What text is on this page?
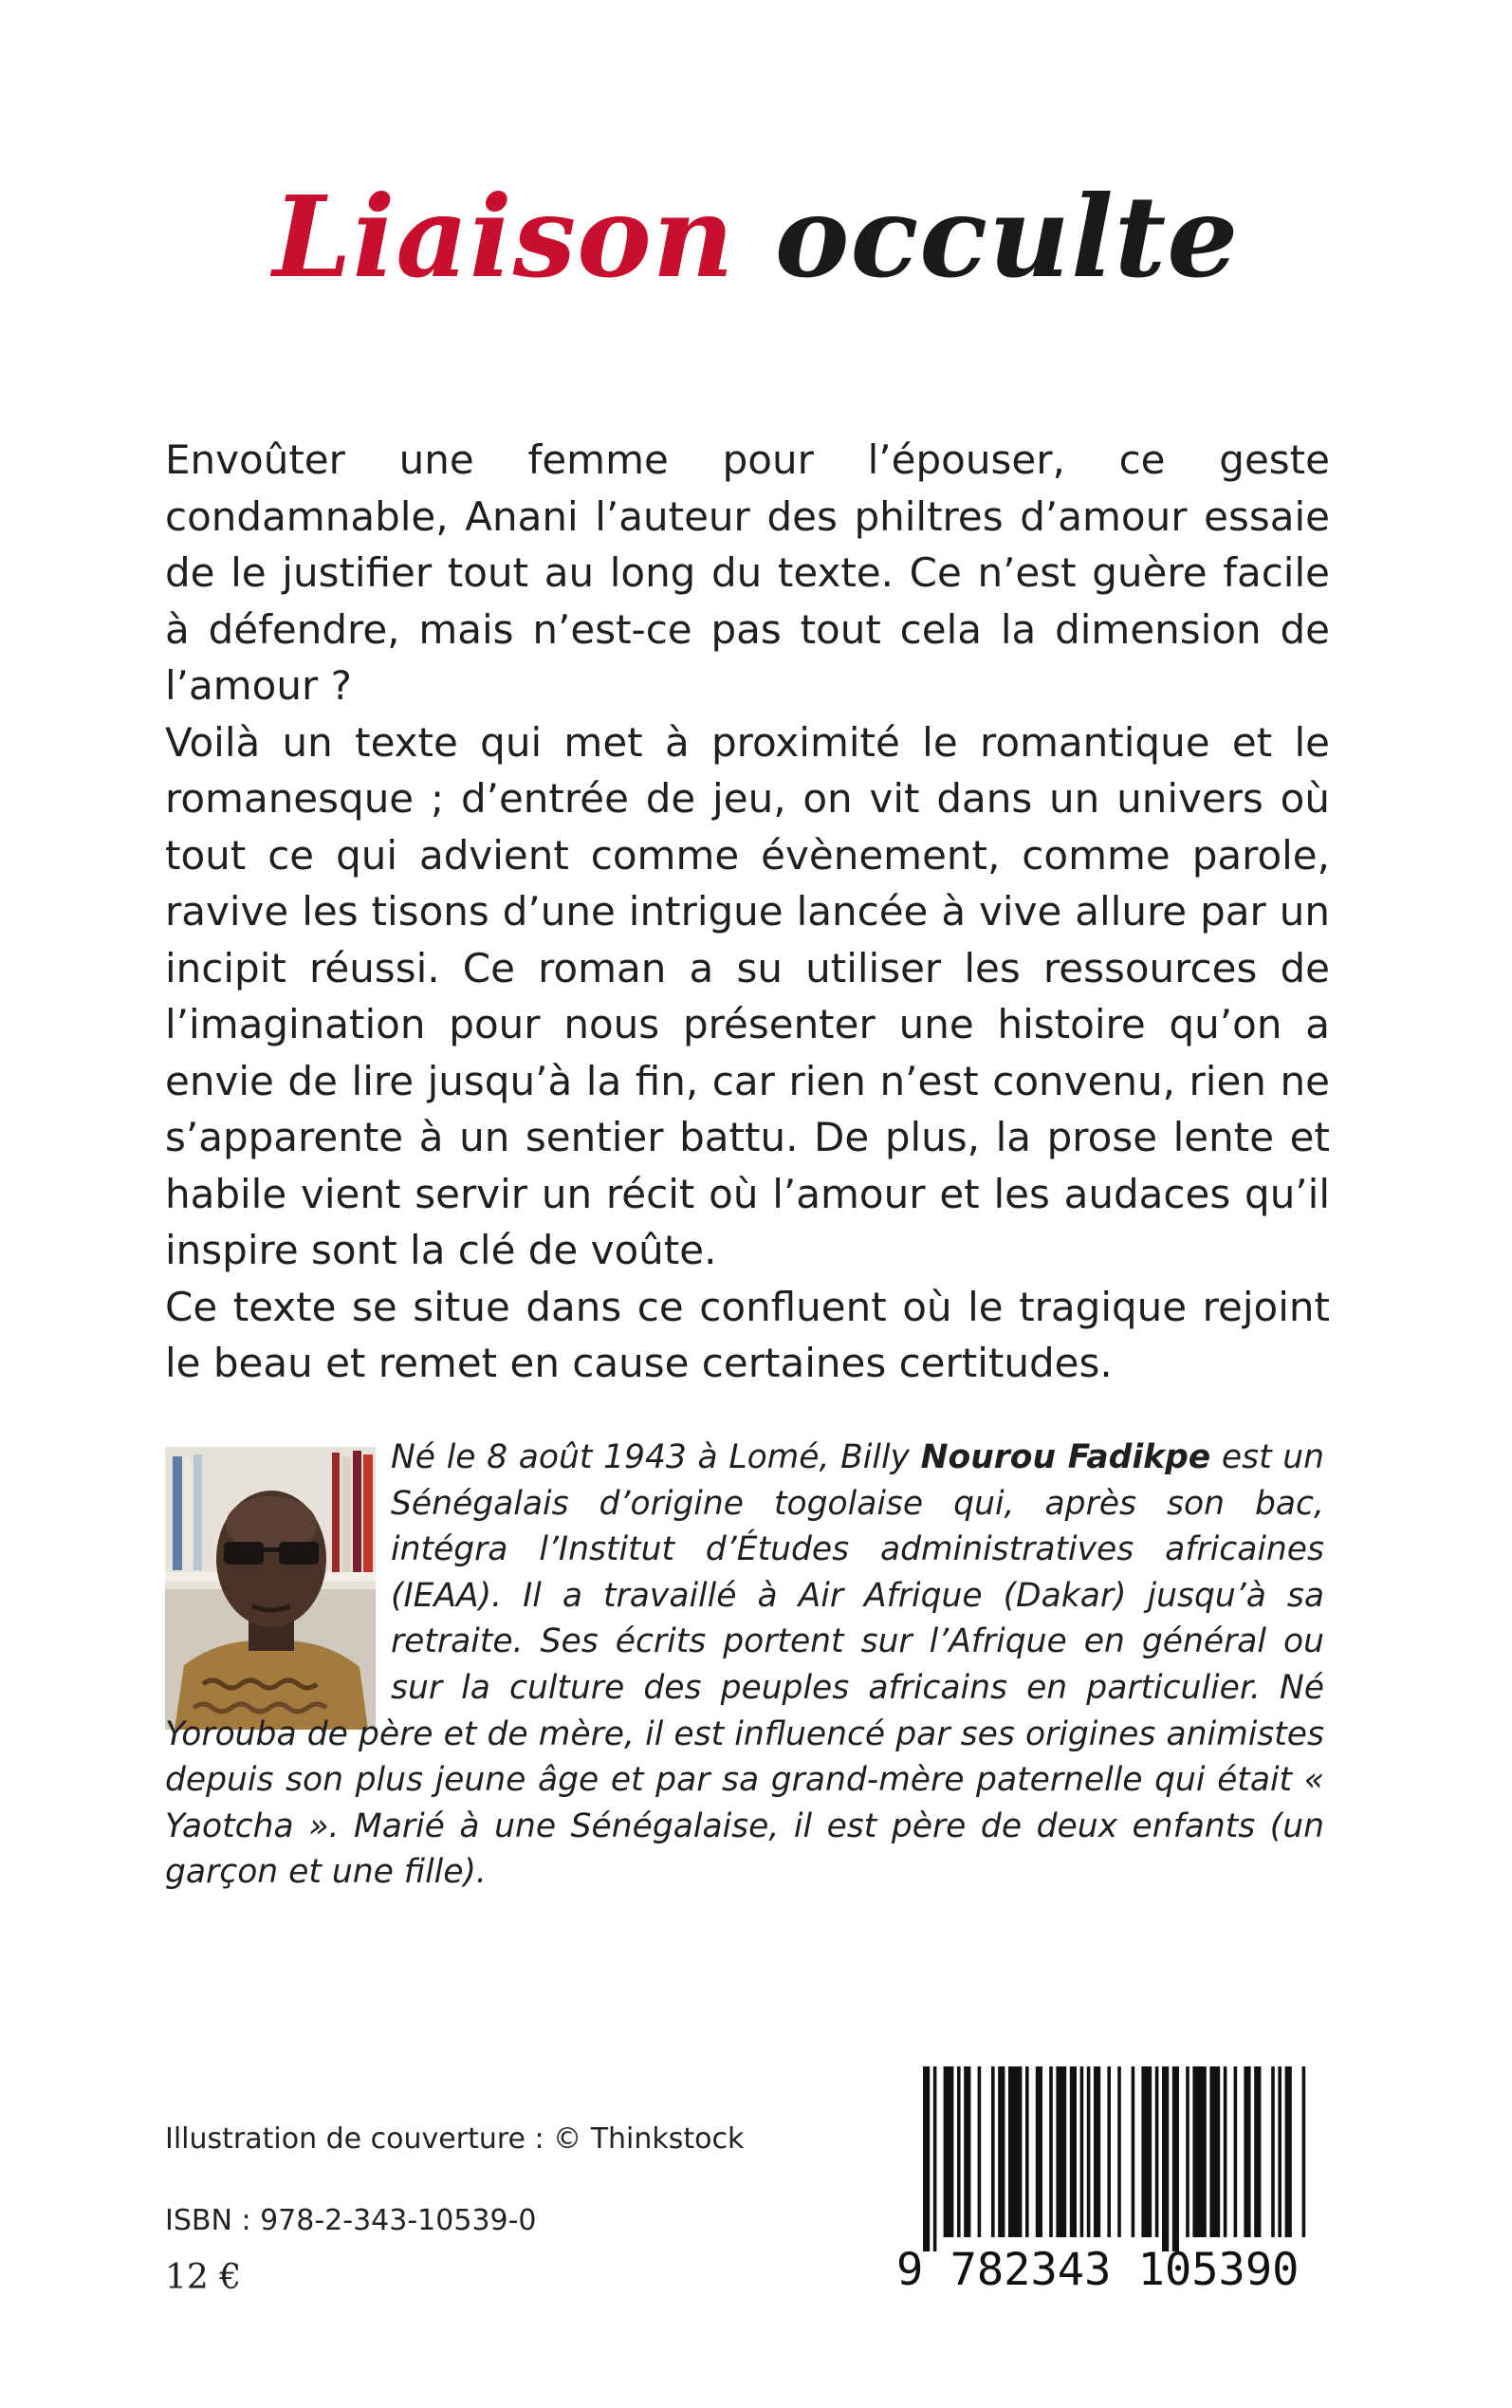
Liaison occulte

Envoûter une femme pour l’épouser, ce geste condamnable, Anani l’auteur des philtres d’amour essaie de le justifier tout au long du texte. Ce n’est guère facile à défendre, mais n’est-ce pas tout cela la dimension de l’amour ?

Voilà un texte qui met à proximité le romantique et le romanesque ; d’entrée de jeu, on vit dans un univers où tout ce qui advient comme évènement, comme parole, ravive les tisons d’une intrigue lancée à vive allure par un incipit réussi. Ce roman a su utiliser les ressources de l’imagination pour nous présenter une histoire qu’on a envie de lire jusqu’à la fin, car rien n’est convenu, rien ne s’apparente à un sentier battu. De plus, la prose lente et habile vient servir un récit où l’amour et les audaces qu’il inspire sont la clé de voûte.

Ce texte se situe dans ce confluent où le tragique rejoint le beau et remet en cause certaines certitudes.

Né le 8 août 1943 à Lomé, Billy Nourou Fadikpe est un Sénégalais d’origine togolaise qui, après son bac, intégra l’Institut d’Études administratives africaines (IEAA). Il a travaillé à Air Afrique (Dakar) jusqu’à sa retraite. Ses écrits portent sur l’Afrique en général ou sur la culture des peuples africains en particulier. Né Yorouba de père et de mère, il est influencé par ses origines animistes depuis son plus jeune âge et par sa grand-mère paternelle qui était « Yaotcha ». Marié à une Sénégalaise, il est père de deux enfants (un garçon et une fille).
Illustration de couverture : © Thinkstock
ISBN : 978-2-343-10539-0
12 €	9 782343 105390
